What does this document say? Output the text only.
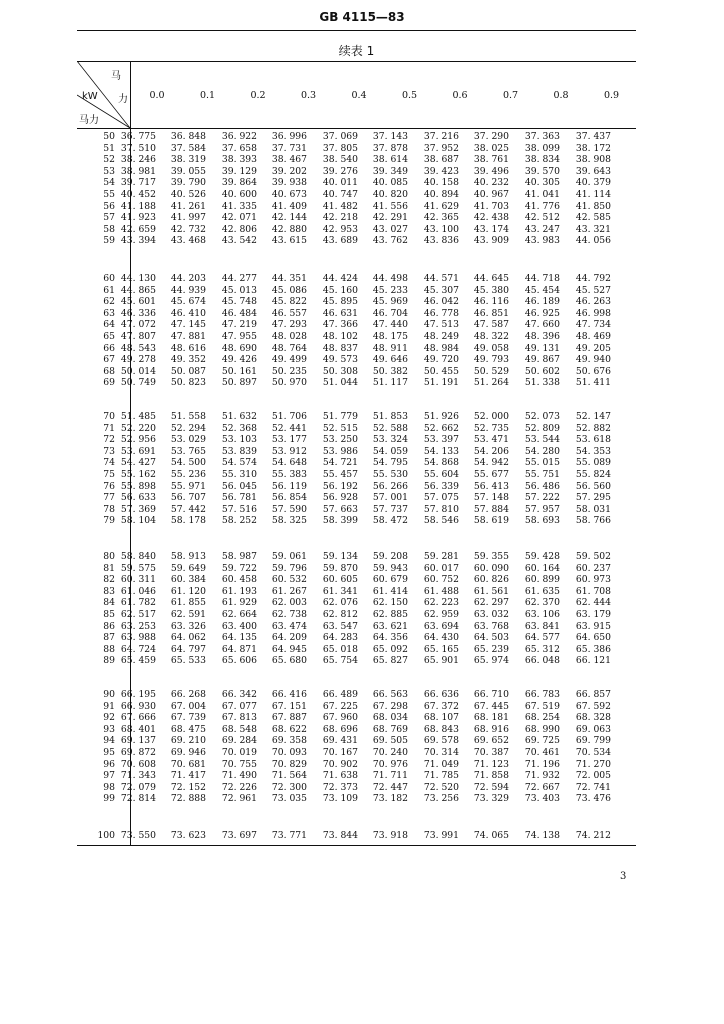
GB 4115—83
续表 1
马
力
kW
马力
0.0	0.1	0.2	0.3	0.4	0.5	0.6	0.7	0.8	0.9
50 36. 775	36. 848	36. 922	36. 996	37. 069	37. 143	37. 216	37. 290	37. 363	37. 437
51 37. 510	37. 584	37. 658	37. 731	37. 805	37. 878	37. 952	38. 025	38. 099	38. 172
52 38. 246	38. 319	38. 393	38. 467	38. 540	38. 614	38. 687	38. 761	38. 834	38. 908
53 38. 981	39. 055	39. 129	39. 202	39. 276	39. 349	39. 423	39. 496	39. 570	39. 643
54 39. 717	39. 790	39. 864	39. 938	40. 011	40. 085	40. 158	40. 232	40. 305	40. 379
55 40. 452	40. 526	40. 600	40. 673	40. 747	40. 820	40. 894	40. 967	41. 041	41. 114
56 41. 188	41. 261	41. 335	41. 409	41. 482	41. 556	41. 629	41. 703	41. 776	41. 850
57 41. 923	41. 997	42. 071	42. 144	42. 218	42. 291	42. 365	42. 438	42. 512	42. 585
58 42. 659	42. 732	42. 806	42. 880	42. 953	43. 027	43. 100	43. 174	43. 247	43. 321
59 43. 394	43. 468	43. 542	43. 615	43. 689	43. 762	43. 836	43. 909	43. 983	44. 056
60 44. 130	44. 203	44. 277	44. 351	44. 424	44. 498	44. 571	44. 645	44. 718	44. 792
61 44. 865	44. 939	45. 013	45. 086	45. 160	45. 233	45. 307	45. 380	45. 454	45. 527
62 45. 601	45. 674	45. 748	45. 822	45. 895	45. 969	46. 042	46. 116	46. 189	46. 263
63 46. 336	46. 410	46. 484	46. 557	46. 631	46. 704	46. 778	46. 851	46. 925	46. 998
64 47. 072	47. 145	47. 219	47. 293	47. 366	47. 440	47. 513	47. 587	47. 660	47. 734
65 47. 807	47. 881	47. 955	48. 028	48. 102	48. 175	48. 249	48. 322	48. 396	48. 469
66 48. 543	48. 616	48. 690	48. 764	48. 837	48. 911	48. 984	49. 058	49. 131	49. 205
67 49. 278	49. 352	49. 426	49. 499	49. 573	49. 646	49. 720	49. 793	49. 867	49. 940
68 50. 014	50. 087	50. 161	50. 235	50. 308	50. 382	50. 455	50. 529	50. 602	50. 676
69 50. 749	50. 823	50. 897	50. 970	51. 044	51. 117	51. 191	51. 264	51. 338	51. 411
70 51. 485	51. 558	51. 632	51. 706	51. 779	51. 853	51. 926	52. 000	52. 073	52. 147
71 52. 220	52. 294	52. 368	52. 441	52. 515	52. 588	52. 662	52. 735	52. 809	52. 882
72 52. 956	53. 029	53. 103	53. 177	53. 250	53. 324	53. 397	53. 471	53. 544	53. 618
73 53. 691	53. 765	53. 839	53. 912	53. 986	54. 059	54. 133	54. 206	54. 280	54. 353
74 54. 427	54. 500	54. 574	54. 648	54. 721	54. 795	54. 868	54. 942	55. 015	55. 089
75 55. 162	55. 236	55. 310	55. 383	55. 457	55. 530	55. 604	55. 677	55. 751	55. 824
76 55. 898	55. 971	56. 045	56. 119	56. 192	56. 266	56. 339	56. 413	56. 486	56. 560
77 56. 633	56. 707	56. 781	56. 854	56. 928	57. 001	57. 075	57. 148	57. 222	57. 295
78 57. 369	57. 442	57. 516	57. 590	57. 663	57. 737	57. 810	57. 884	57. 957	58. 031
79 58. 104	58. 178	58. 252	58. 325	58. 399	58. 472	58. 546	58. 619	58. 693	58. 766
80 58. 840	58. 913	58. 987	59. 061	59. 134	59. 208	59. 281	59. 355	59. 428	59. 502
81 59. 575	59. 649	59. 722	59. 796	59. 870	59. 943	60. 017	60. 090	60. 164	60. 237
82 60. 311	60. 384	60. 458	60. 532	60. 605	60. 679	60. 752	60. 826	60. 899	60. 973
83 61. 046	61. 120	61. 193	61. 267	61. 341	61. 414	61. 488	61. 561	61. 635	61. 708
84 61. 782	61. 855	61. 929	62. 003	62. 076	62. 150	62. 223	62. 297	62. 370	62. 444
85 62. 517	62. 591	62. 664	62. 738	62. 812	62. 885	62. 959	63. 032	63. 106	63. 179
86 63. 253	63. 326	63. 400	63. 474	63. 547	63. 621	63. 694	63. 768	63. 841	63. 915
87 63. 988	64. 062	64. 135	64. 209	64. 283	64. 356	64. 430	64. 503	64. 577	64. 650
88 64. 724	64. 797	64. 871	64. 945	65. 018	65. 092	65. 165	65. 239	65. 312	65. 386
89 65. 459	65. 533	65. 606	65. 680	65. 754	65. 827	65. 901	65. 974	66. 048	66. 121
90 66. 195	66. 268	66. 342	66. 416	66. 489	66. 563	66. 636	66. 710	66. 783	66. 857
91 66. 930	67. 004	67. 077	67. 151	67. 225	67. 298	67. 372	67. 445	67. 519	67. 592
92 67. 666	67. 739	67. 813	67. 887	67. 960	68. 034	68. 107	68. 181	68. 254	68. 328
93 68. 401	68. 475	68. 548	68. 622	68. 696	68. 769	68. 843	68. 916	68. 990	69. 063
94 69. 137	69. 210	69. 284	69. 358	69. 431	69. 505	69. 578	69. 652	69. 725	69. 799
95 69. 872	69. 946	70. 019	70. 093	70. 167	70. 240	70. 314	70. 387	70. 461	70. 534
96 70. 608	70. 681	70. 755	70. 829	70. 902	70. 976	71. 049	71. 123	71. 196	71. 270
97 71. 343	71. 417	71. 490	71. 564	71. 638	71. 711	71. 785	71. 858	71. 932	72. 005
98 72. 079	72. 152	72. 226	72. 300	72. 373	72. 447	72. 520	72. 594	72. 667	72. 741
99 72. 814	72. 888	72. 961	73. 035	73. 109	73. 182	73. 256	73. 329	73. 403	73. 476
100 73. 550	73. 623	73. 697	73. 771	73. 844	73. 918	73. 991	74. 065	74. 138	74. 212
3
